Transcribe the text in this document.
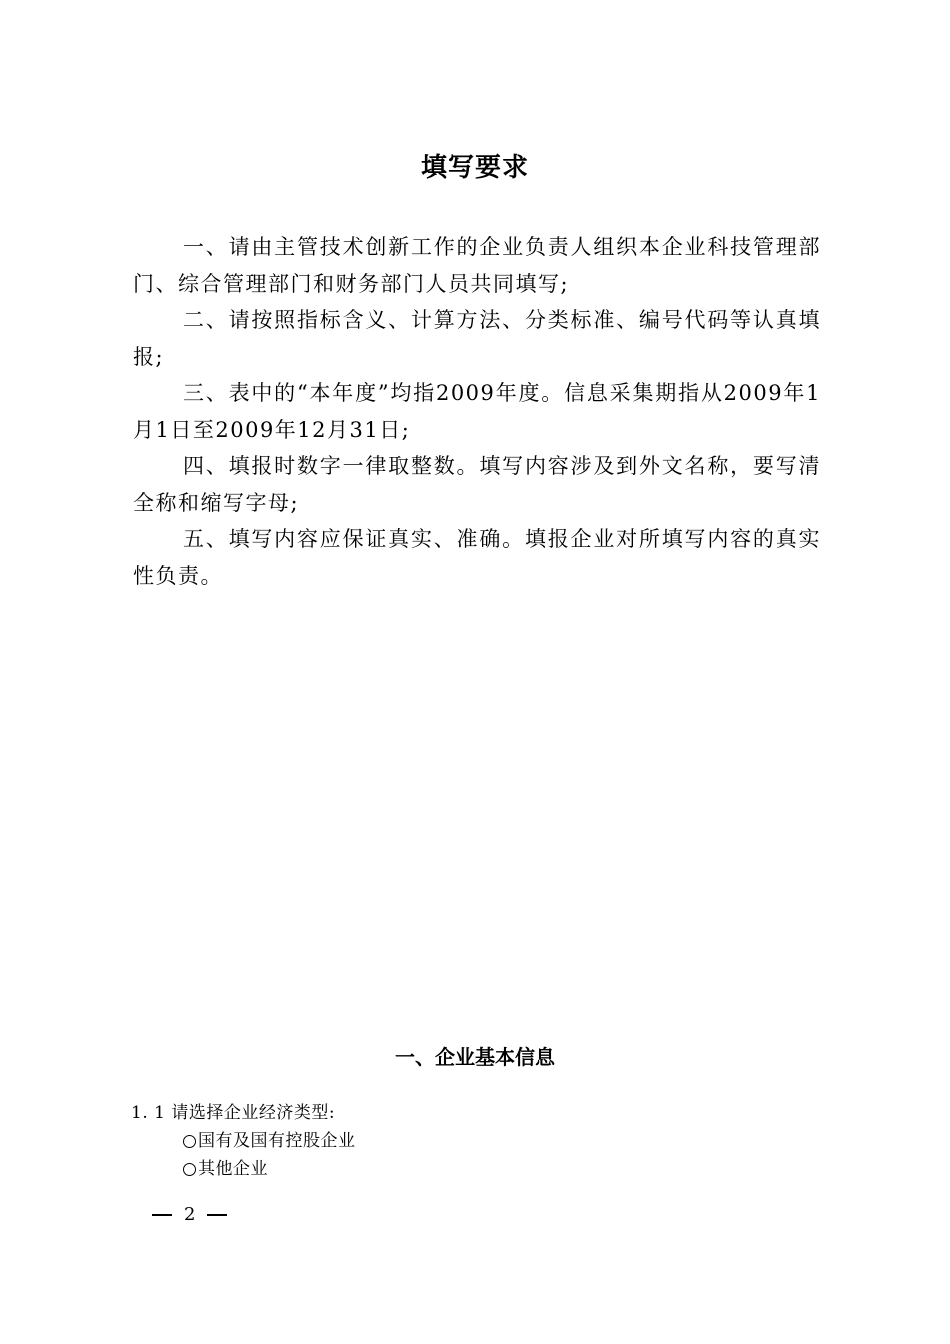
填写要求

一、请由主管技术创新工作的企业负责人组织本企业科技管理部门、综合管理部门和财务部门人员共同填写;

二、请按照指标含义、计算方法、分类标准、编号代码等认真填报;

三、表中的“本年度”均指2009年度。信息采集期指从2009年1月1日至2009年12月31日;

四、填报时数字一律取整数。填写内容涉及到外文名称，要写清全称和缩写字母;

五、填写内容应保证真实、准确。填报企业对所填写内容的真实性负责。

一、企业基本信息
1. 1 请选择企业经济类型:
国有及国有控股企业
其他企业
2
